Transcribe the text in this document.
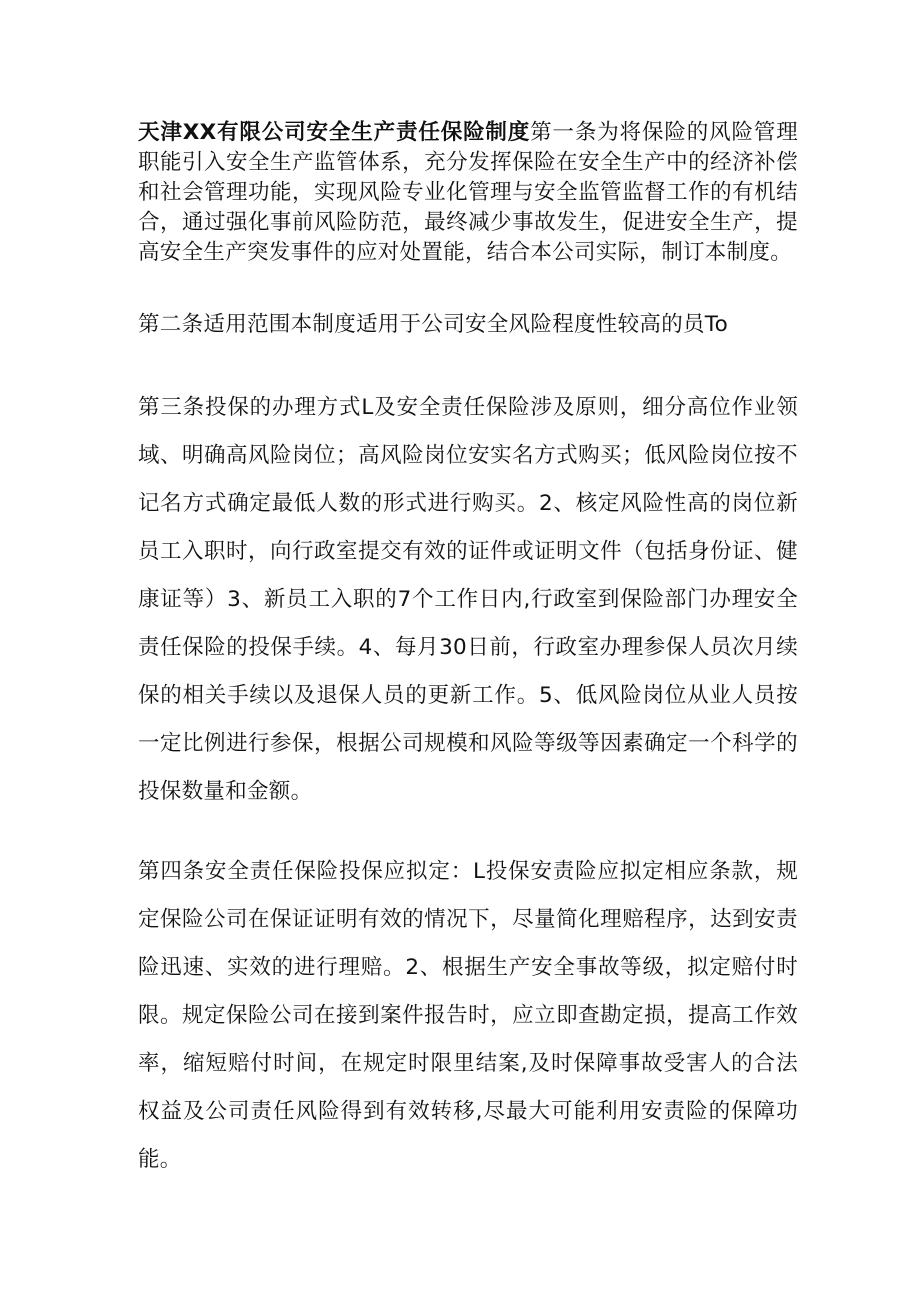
天津XX有限公司安全生产责任保险制度第一条为将保险的风险管理职能引入安全生产监管体系，充分发挥保险在安全生产中的经济补偿和社会管理功能，实现风险专业化管理与安全监管监督工作的有机结合，通过强化事前风险防范，最终减少事故发生，促进安全生产，提高安全生产突发事件的应对处置能，结合本公司实际，制订本制度。

第二条适用范围本制度适用于公司安全风险程度性较高的员To

第三条投保的办理方式L及安全责任保险涉及原则，细分高位作业领域、明确高风险岗位；高风险岗位安实名方式购买；低风险岗位按不记名方式确定最低人数的形式进行购买。2、核定风险性高的岗位新员工入职时，向行政室提交有效的证件或证明文件（包括身份证、健康证等）3、新员工入职的7个工作日内,行政室到保险部门办理安全责任保险的投保手续。4、每月30日前，行政室办理参保人员次月续保的相关手续以及退保人员的更新工作。5、低风险岗位从业人员按一定比例进行参保，根据公司规模和风险等级等因素确定一个科学的投保数量和金额。

第四条安全责任保险投保应拟定：L投保安责险应拟定相应条款，规定保险公司在保证证明有效的情况下，尽量简化理赔程序，达到安责险迅速、实效的进行理赔。2、根据生产安全事故等级，拟定赔付时限。规定保险公司在接到案件报告时，应立即查勘定损，提高工作效率，缩短赔付时间，在规定时限里结案,及时保障事故受害人的合法权益及公司责任风险得到有效转移,尽最大可能利用安责险的保障功能。
